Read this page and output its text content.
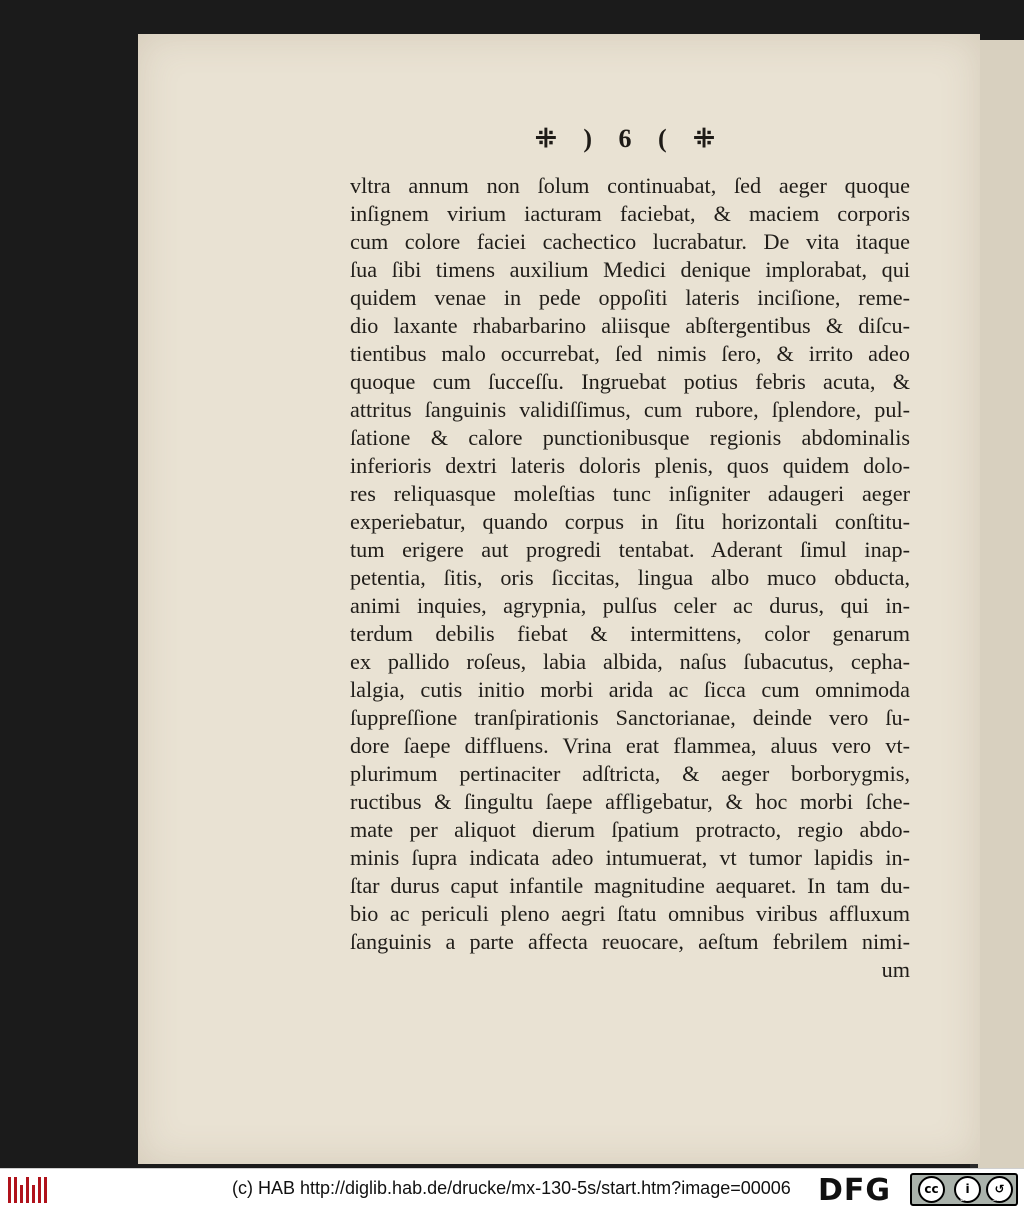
⁜ ) 6 ( ⁜
vltra annum non ſolum continuabat, ſed aeger quoque
inſignem virium iacturam faciebat, & maciem corporis
cum colore faciei cachectico lucrabatur. De vita itaque
ſua ſibi timens auxilium Medici denique implorabat, qui
quidem venae in pede oppoſiti lateris inciſione, reme-
dio laxante rhabarbarino aliisque abſtergentibus & diſcu-
tientibus malo occurrebat, ſed nimis ſero, & irrito adeo
quoque cum ſucceſſu. Ingruebat potius febris acuta, &
attritus ſanguinis validiſſimus, cum rubore, ſplendore, pul-
ſatione & calore punctionibusque regionis abdominalis
inferioris dextri lateris doloris plenis, quos quidem dolo-
res reliquasque moleſtias tunc inſigniter adaugeri aeger
experiebatur, quando corpus in ſitu horizontali conſtitu-
tum erigere aut progredi tentabat. Aderant ſimul inap-
petentia, ſitis, oris ſiccitas, lingua albo muco obducta,
animi inquies, agrypnia, pulſus celer ac durus, qui in-
terdum debilis fiebat & intermittens, color genarum
ex pallido roſeus, labia albida, naſus ſubacutus, cepha-
lalgia, cutis initio morbi arida ac ſicca cum omnimoda
ſuppreſſione tranſpirationis Sanctorianae, deinde vero ſu-
dore ſaepe diffluens. Vrina erat flammea, aluus vero vt-
plurimum pertinaciter adſtricta, & aeger borborygmis,
ructibus & ſingultu ſaepe affligebatur, & hoc morbi ſche-
mate per aliquot dierum ſpatium protracto, regio abdo-
minis ſupra indicata adeo intumuerat, vt tumor lapidis in-
ſtar durus caput infantile magnitudine aequaret. In tam du-
bio ac periculi pleno aegri ſtatu omnibus viribus affluxum
ſanguinis a parte affecta reuocare, aeſtum febrilem nimi-
um
(c) HAB http://diglib.hab.de/drucke/mx-130-5s/start.htm?image=00006 DFG	cc	i	↺
BY	SA
